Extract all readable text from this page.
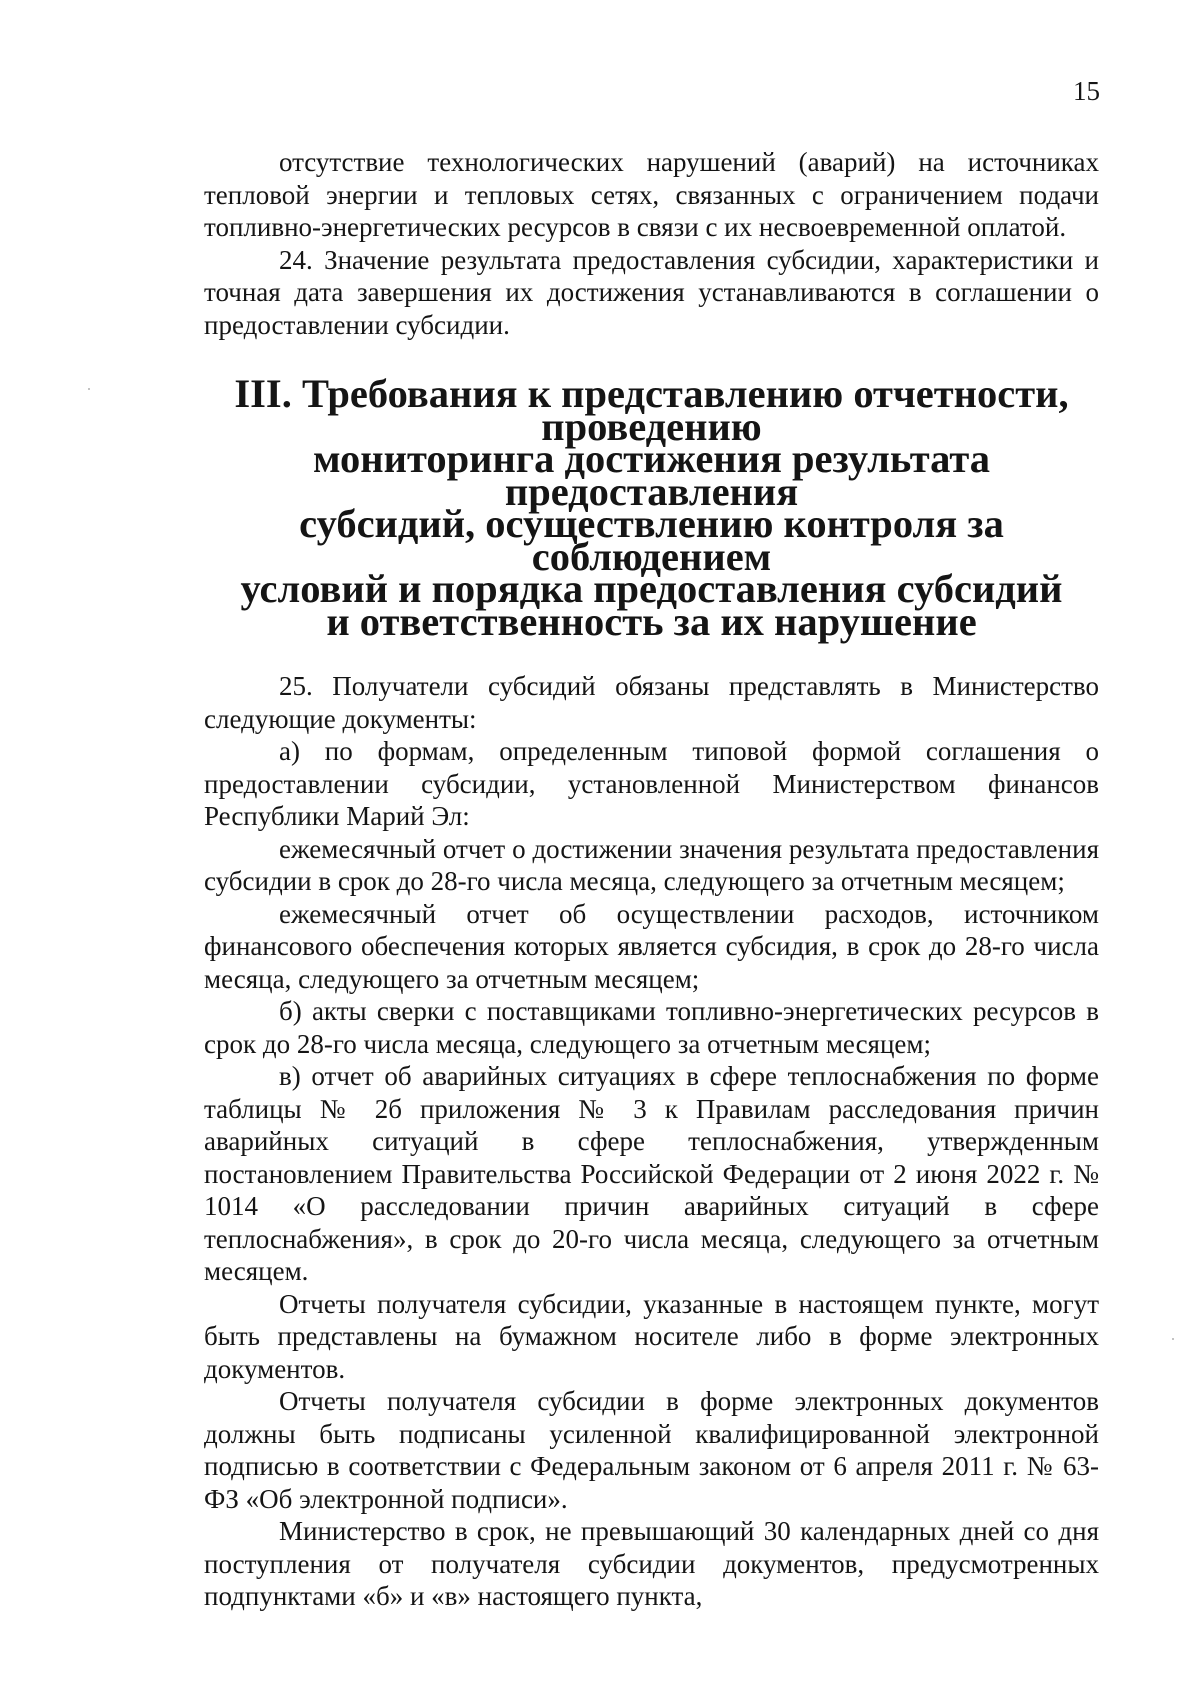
15

отсутствие технологических нарушений (аварий) на источниках тепловой энергии и тепловых сетях, связанных с ограничением подачи топливно-энергетических ресурсов в связи с их несвоевременной оплатой.

24. Значение результата предоставления субсидии, характеристики и точная дата завершения их достижения устанавливаются в соглашении о предоставлении субсидии.

III. Требования к представлению отчетности, проведению
мониторинга достижения результата предоставления
субсидий, осуществлению контроля за соблюдением
условий и порядка предоставления субсидий
и ответственность за их нарушение

25. Получатели субсидий обязаны представлять в Министерство следующие документы:

а) по формам, определенным типовой формой соглашения о предоставлении субсидии, установленной Министерством финансов Республики Марий Эл:

ежемесячный отчет о достижении значения результата предоставления субсидии в срок до 28-го числа месяца, следующего за отчетным месяцем;

ежемесячный отчет об осуществлении расходов, источником финансового обеспечения которых является субсидия, в срок до 28-го числа месяца, следующего за отчетным месяцем;

б) акты сверки с поставщиками топливно-энергетических ресурсов в срок до 28-го числа месяца, следующего за отчетным месяцем;

в) отчет об аварийных ситуациях в сфере теплоснабжения по форме таблицы № 2б приложения № 3 к Правилам расследования причин аварийных ситуаций в сфере теплоснабжения, утвержденным постановлением Правительства Российской Федерации от 2 июня 2022 г. № 1014 «О расследовании причин аварийных ситуаций в сфере теплоснабжения», в срок до 20-го числа месяца, следующего за отчетным месяцем.

Отчеты получателя субсидии, указанные в настоящем пункте, могут быть представлены на бумажном носителе либо в форме электронных документов.

Отчеты получателя субсидии в форме электронных документов должны быть подписаны усиленной квалифицированной электронной подписью в соответствии с Федеральным законом от 6 апреля 2011 г. № 63-ФЗ «Об электронной подписи».

Министерство в срок, не превышающий 30 календарных дней со дня поступления от получателя субсидии документов, предусмотренных подпунктами «б» и «в» настоящего пункта,
